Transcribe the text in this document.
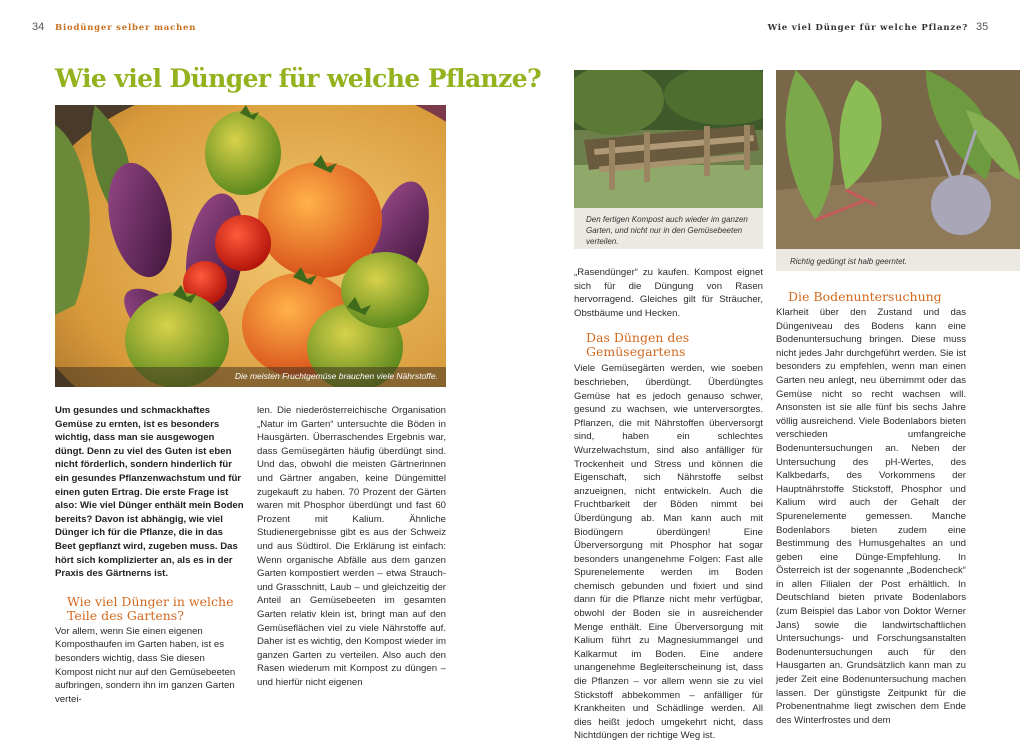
34 Biodünger selber machen	Wie viel Dünger für welche Pflanze? 35
Wie viel Dünger für welche Pflanze?
Die meisten Fruchtgemüse brauchen viele Nährstoffe.
Den fertigen Kompost auch wieder im ganzen Garten, und nicht nur in den Gemüsebeeten verteilen.
Richtig gedüngt ist halb geerntet.

Um gesundes und schmackhaftes Gemüse zu ernten, ist es besonders wichtig, dass man sie ausgewogen düngt. Denn zu viel des Guten ist eben nicht förderlich, sondern hinderlich für ein gesundes Pflanzenwachstum und für einen guten Ertrag. Die erste Frage ist also: Wie viel Dünger enthält mein Boden bereits? Davon ist abhängig, wie viel Dünger ich für die Pflanze, die in das Beet gepflanzt wird, zugeben muss. Das hört sich komplizierter an, als es in der Praxis des Gärtnerns ist.

Wie viel Dünger in welche Teile des Gartens?

Vor allem, wenn Sie einen eigenen Komposthaufen im Garten haben, ist es besonders wichtig, dass Sie diesen Kompost nicht nur auf den Gemüsebeeten aufbringen, sondern ihn im ganzen Garten vertei-

len. Die niederösterreichische Organisation „Natur im Garten“ untersuchte die Böden in Hausgärten. Überraschendes Ergebnis war, dass Gemüsegärten häufig überdüngt sind. Und das, obwohl die meisten Gärtnerinnen und Gärtner angaben, keine Düngemittel zugekauft zu haben. 70 Prozent der Gärten waren mit Phosphor überdüngt und fast 60 Prozent mit Kalium. Ähnliche Studienergebnisse gibt es aus der Schweiz und aus Südtirol. Die Erklärung ist einfach: Wenn organische Abfälle aus dem ganzen Garten kompostiert werden – etwa Strauch- und Grasschnitt, Laub – und gleichzeitig der Anteil an Gemüsebeeten im gesamten Garten relativ klein ist, bringt man auf den Gemüseflächen viel zu viele Nährstoffe auf. Daher ist es wichtig, den Kompost wieder im ganzen Garten zu verteilen. Also auch den Rasen wiederum mit Kompost zu düngen – und hierfür nicht eigenen

„Rasendünger“ zu kaufen. Kompost eignet sich für die Düngung von Rasen hervorragend. Gleiches gilt für Sträucher, Obstbäume und Hecken.

Das Düngen des Gemüsegartens

Viele Gemüsegärten werden, wie soeben beschrieben, überdüngt. Überdüngtes Gemüse hat es jedoch genauso schwer, gesund zu wachsen, wie unterversorgtes. Pflanzen, die mit Nährstoffen überversorgt sind, haben ein schlechtes Wurzelwachstum, sind also anfälliger für Trockenheit und Stress und können die Eigenschaft, sich Nährstoffe selbst anzueignen, nicht entwickeln. Auch die Fruchtbarkeit der Böden nimmt bei Überdüngung ab. Man kann auch mit Biodüngern überdüngen! Eine Überversorgung mit Phosphor hat sogar besonders unangenehme Folgen: Fast alle Spurenelemente werden im Boden chemisch gebunden und fixiert und sind dann für die Pflanze nicht mehr verfügbar, obwohl der Boden sie in ausreichender Menge enthält. Eine Überversorgung mit Kalium führt zu Magnesiummangel und Kalkarmut im Boden. Eine andere unangenehme Begleiterscheinung ist, dass die Pflanzen – vor allem wenn sie zu viel Stickstoff abbekommen – anfälliger für Krankheiten und Schädlinge werden. All dies heißt jedoch umgekehrt nicht, dass Nichtdüngen der richtige Weg ist.

Die Bodenuntersuchung

Klarheit über den Zustand und das Düngeniveau des Bodens kann eine Bodenuntersuchung bringen. Diese muss nicht jedes Jahr durchgeführt werden. Sie ist besonders zu empfehlen, wenn man einen Garten neu anlegt, neu übernimmt oder das Gemüse nicht so recht wachsen will. Ansonsten ist sie alle fünf bis sechs Jahre völlig ausreichend. Viele Bodenlabors bieten verschieden umfangreiche Bodenuntersuchungen an. Neben der Untersuchung des pH-Wertes, des Kalkbedarfs, des Vorkommens der Hauptnährstoffe Stickstoff, Phosphor und Kalium wird auch der Gehalt der Spurenelemente gemessen. Manche Bodenlabors bieten zudem eine Bestimmung des Humusgehaltes an und geben eine Dünge-Empfehlung. In Österreich ist der sogenannte „Bodencheck“ in allen Filialen der Post erhältlich. In Deutschland bieten private Bodenlabors (zum Beispiel das Labor von Doktor Werner Jans) sowie die landwirtschaftlichen Untersuchungs- und Forschungsanstalten Bodenuntersuchungen auch für den Hausgarten an. Grundsätzlich kann man zu jeder Zeit eine Bodenuntersuchung machen lassen. Der günstigste Zeitpunkt für die Probenentnahme liegt zwischen dem Ende des Winterfrostes und dem
